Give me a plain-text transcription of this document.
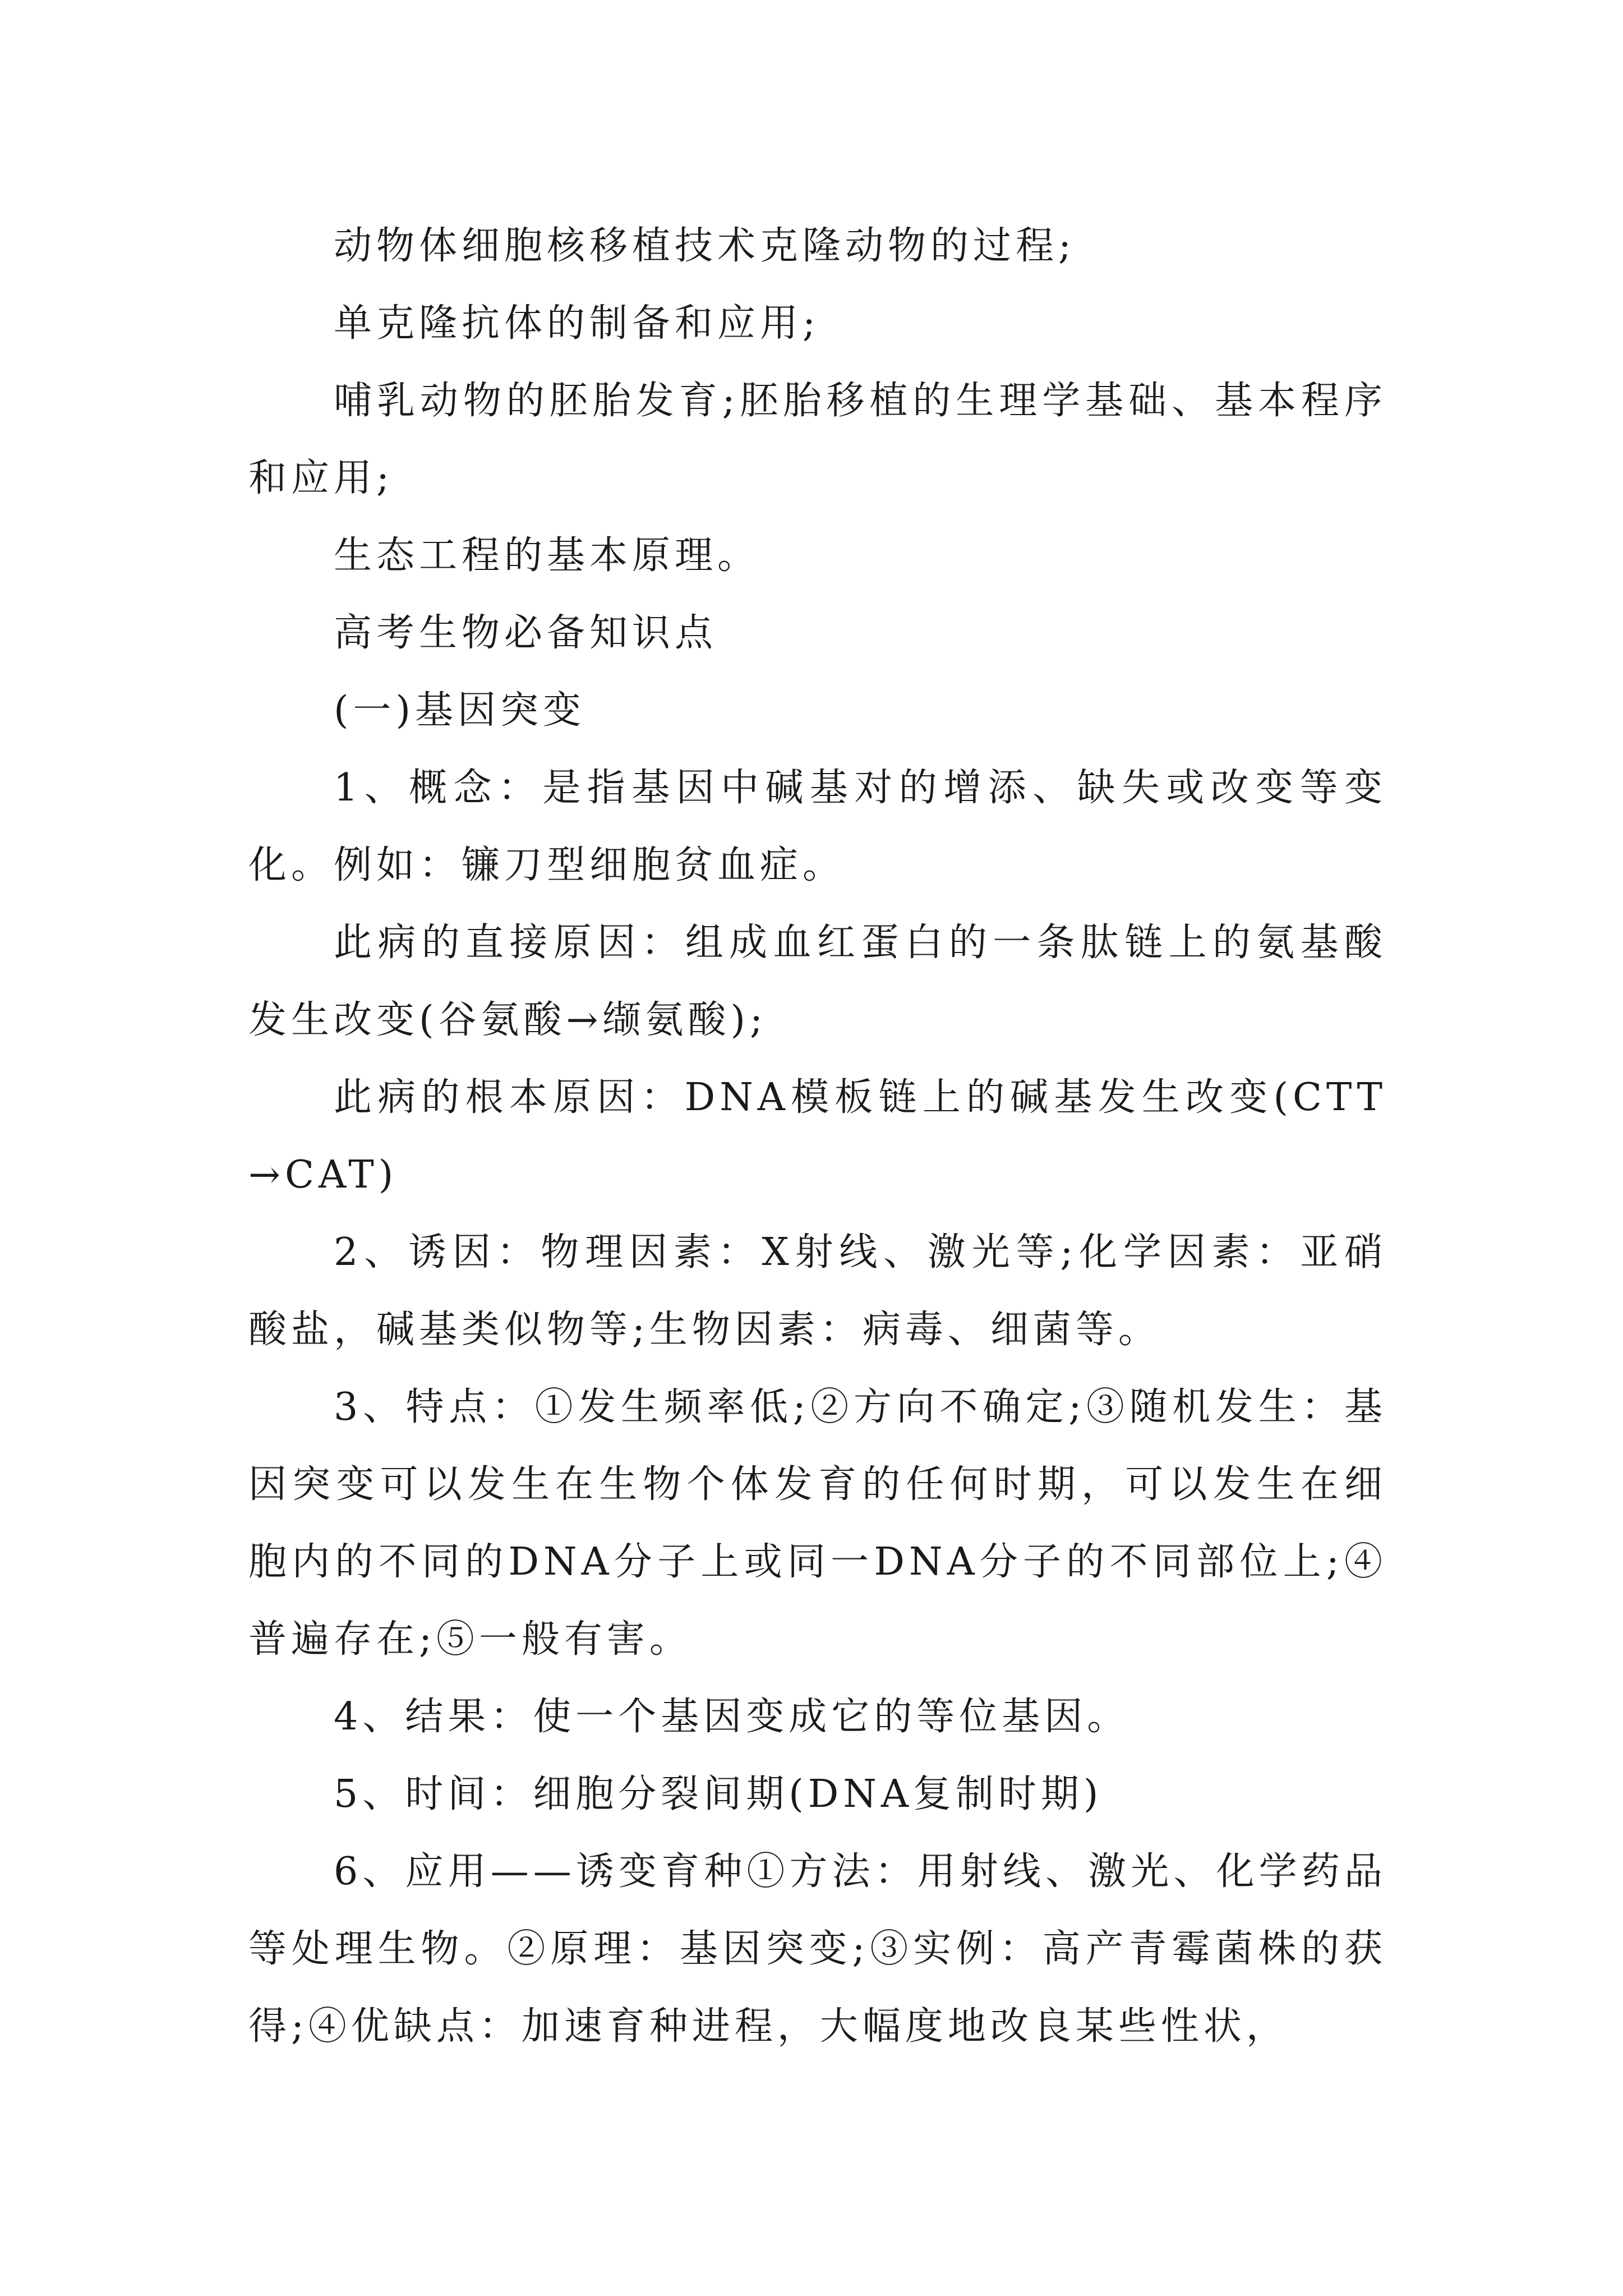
动物体细胞核移植技术克隆动物的过程;

单克隆抗体的制备和应用;

哺乳动物的胚胎发育;胚胎移植的生理学基础、基本程序和应用;

生态工程的基本原理。

高考生物必备知识点

(一)基因突变

1、概念：是指基因中碱基对的增添、缺失或改变等变化。例如：镰刀型细胞贫血症。

此病的直接原因：组成血红蛋白的一条肽链上的氨基酸发生改变(谷氨酸→缬氨酸);

此病的根本原因：DNA模板链上的碱基发生改变(CTT→CAT)

2、诱因：物理因素：X射线、激光等;化学因素：亚硝酸盐，碱基类似物等;生物因素：病毒、细菌等。

3、特点：①发生频率低;②方向不确定;③随机发生：基因突变可以发生在生物个体发育的任何时期，可以发生在细胞内的不同的DNA分子上或同一DNA分子的不同部位上;④普遍存在;⑤一般有害。

4、结果：使一个基因变成它的等位基因。

5、时间：细胞分裂间期(DNA复制时期)

6、应用——诱变育种①方法：用射线、激光、化学药品等处理生物。②原理：基因突变;③实例：高产青霉菌株的获得;④优缺点：加速育种进程，大幅度地改良某些性状，
